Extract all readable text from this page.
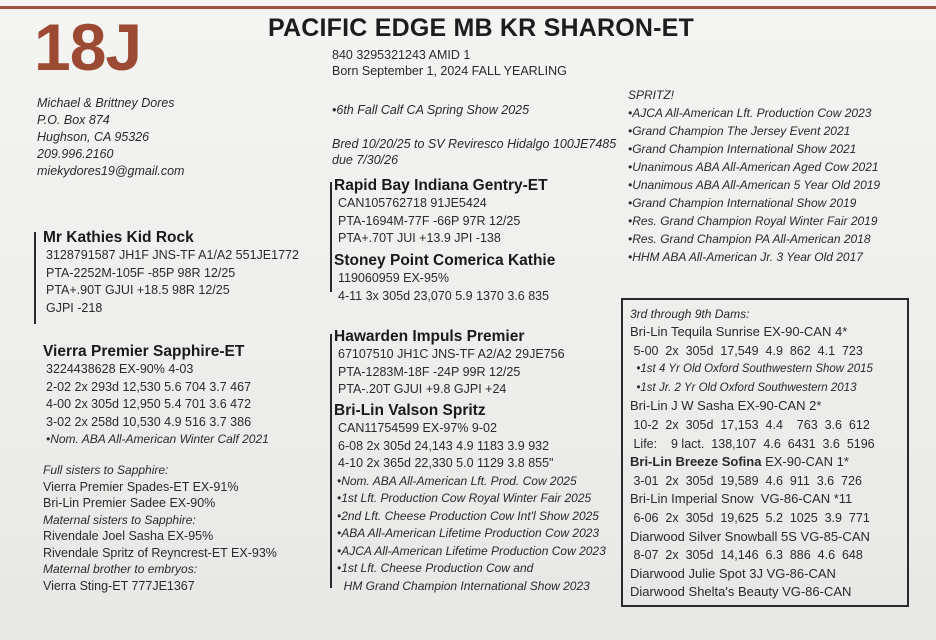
18J	PACIFIC EDGE MB KR SHARON-ET
840 3295321243 AMID 1
Born September 1, 2024 FALL YEARLING
Michael & Brittney Dores
P.O. Box 874
Hughson, CA 95326
209.996.2160
miekydores19@gmail.com
•6th Fall Calf CA Spring Show 2025
Bred 10/20/25 to SV Reviresco Hidalgo 100JE7485
due 7/30/26
Mr Kathies Kid Rock
3128791587 JH1F JNS-TF A1/A2 551JE1772
PTA-2252M-105F -85P 98R 12/25
PTA+.90T GJUI +18.5 98R 12/25
GJPI -218
Vierra Premier Sapphire-ET
3224438628 EX-90% 4-03
2-02 2x 293d 12,530 5.6 704 3.7 467
4-00 2x 305d 12,950 5.4 701 3.6 472
3-02 2x 258d 10,530 4.9 516 3.7 386
•Nom. ABA All-American Winter Calf 2021
Full sisters to Sapphire:
Vierra Premier Spades-ET EX-91%
Bri-Lin Premier Sadee EX-90%
Maternal sisters to Sapphire:
Rivendale Joel Sasha EX-95%
Rivendale Spritz of Reyncrest-ET EX-93%
Maternal brother to embryos:
Vierra Sting-ET 777JE1367
Rapid Bay Indiana Gentry-ET
CAN105762718 91JE5424
PTA-1694M-77F -66P 97R 12/25
PTA+.70T JUI +13.9 JPI -138
Stoney Point Comerica Kathie
119060959 EX-95%
4-11 3x 305d 23,070 5.9 1370 3.6 835
Hawarden Impuls Premier
67107510 JH1C JNS-TF A2/A2 29JE756
PTA-1283M-18F -24P 99R 12/25
PTA-.20T GJUI +9.8 GJPI +24
Bri-Lin Valson Spritz
CAN11754599 EX-97% 9-02
6-08 2x 305d 24,143 4.9 1183 3.9 932
4-10 2x 365d 22,330 5.0 1129 3.8 855"
•Nom. ABA All-American Lft. Prod. Cow 2025
•1st Lft. Production Cow Royal Winter Fair 2025
•2nd Lft. Cheese Production Cow Int'l Show 2025
•ABA All-American Lifetime Production Cow 2023
•AJCA All-American Lifetime Production Cow 2023
•1st Lft. Cheese Production Cow and
HM Grand Champion International Show 2023
SPRITZ!
•AJCA All-American Lft. Production Cow 2023
•Grand Champion The Jersey Event 2021
•Grand Champion International Show 2021
•Unanimous ABA All-American Aged Cow 2021
•Unanimous ABA All-American 5 Year Old 2019
•Grand Champion International Show 2019
•Res. Grand Champion Royal Winter Fair 2019
•Res. Grand Champion PA All-American 2018
•HHM ABA All-American Jr. 3 Year Old 2017
3rd through 9th Dams:
Bri-Lin Tequila Sunrise EX-90-CAN 4*
5-00  2x  305d  17,549  4.9  862  4.1  723
•1st 4 Yr Old Oxford Southwestern Show 2015
•1st Jr. 2 Yr Old Oxford Southwestern 2013
Bri-Lin J W Sasha EX-90-CAN 2*
10-2  2x  305d  17,153  4.4    763  3.6  612
Life:    9 lact.  138,107  4.6  6431  3.6  5196
Bri-Lin Breeze Sofina EX-90-CAN 1*
3-01  2x  305d  19,589  4.6  911  3.6  726
Bri-Lin Imperial Snow  VG-86-CAN *11
6-06  2x  305d  19,625  5.2  1025  3.9  771
Diarwood Silver Snowball 5S VG-85-CAN
8-07  2x  305d  14,146  6.3  886  4.6  648
Diarwood Julie Spot 3J VG-86-CAN
Diarwood Shelta's Beauty VG-86-CAN
